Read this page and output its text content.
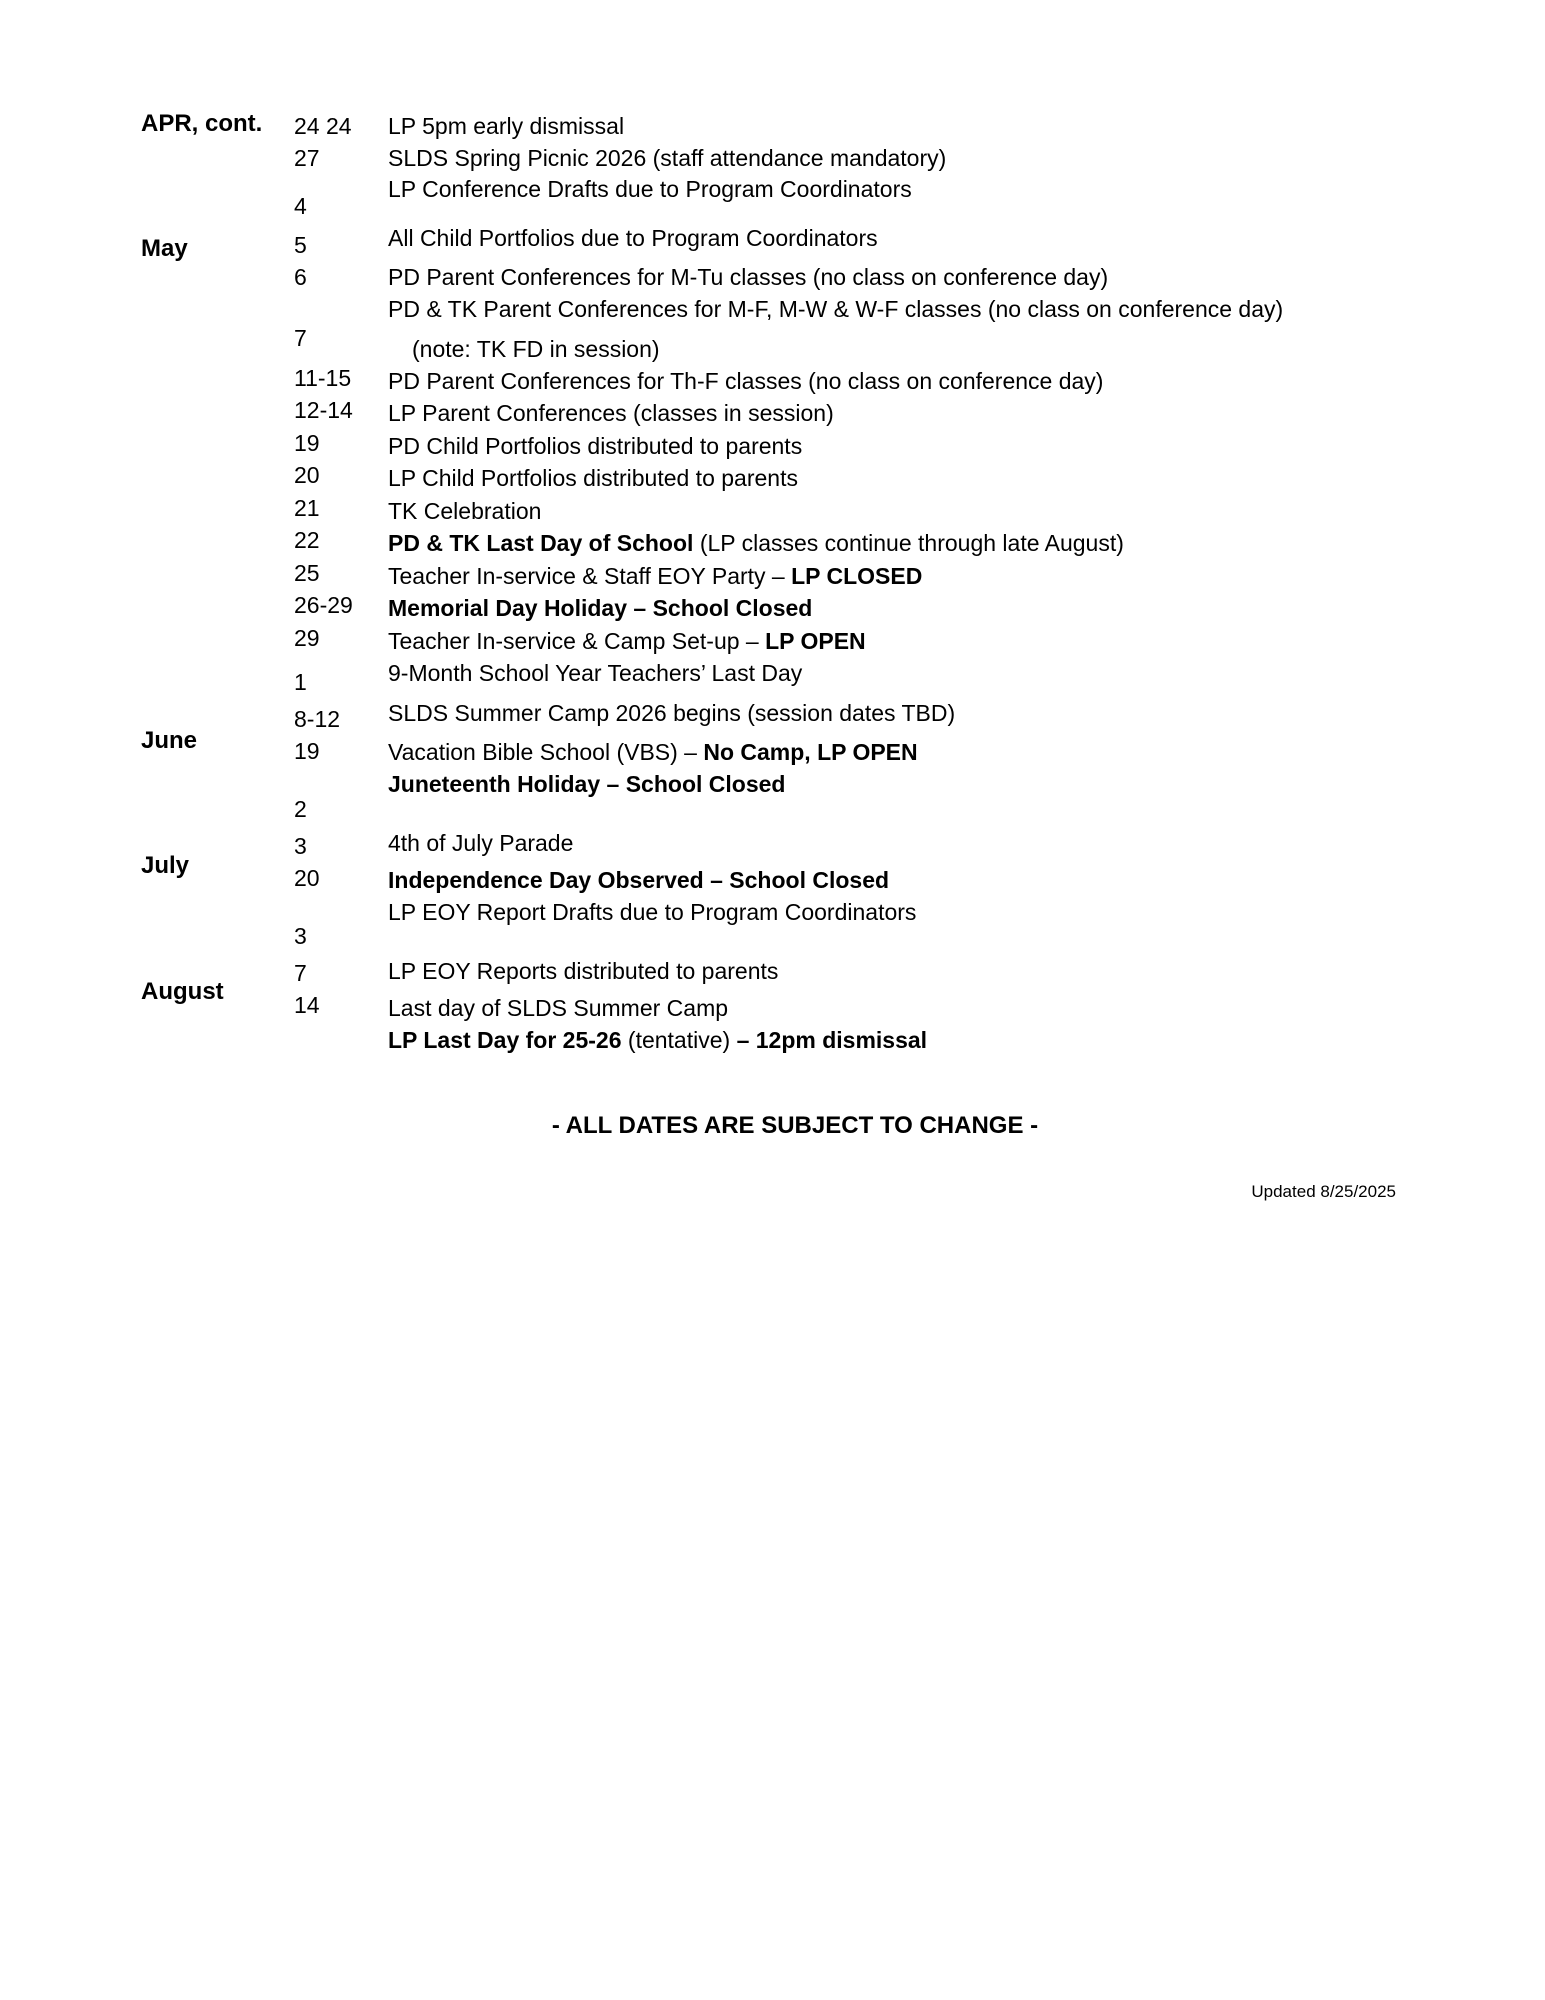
APR, cont.
May
June
July
August
24 24
27
4
5
6
7
11-15
12-14
19
20
21
22
25
26-29
29
1
8-12
19
2
3
20
3
7
14
LP 5pm early dismissal
SLDS Spring Picnic 2026 (staff attendance mandatory)
LP Conference Drafts due to Program Coordinators
All Child Portfolios due to Program Coordinators
PD Parent Conferences for M-Tu classes (no class on conference day)
PD & TK Parent Conferences for M-F, M-W & W-F classes (no class on conference day)
(note: TK FD in session)
PD Parent Conferences for Th-F classes (no class on conference day)
LP Parent Conferences (classes in session)
PD Child Portfolios distributed to parents
LP Child Portfolios distributed to parents
TK Celebration
PD & TK Last Day of School (LP classes continue through late August)
Teacher In-service & Staff EOY Party – LP CLOSED
Memorial Day Holiday – School Closed
Teacher In-service & Camp Set-up – LP OPEN
9-Month School Year Teachers’ Last Day
SLDS Summer Camp 2026 begins (session dates TBD)
Vacation Bible School (VBS) – No Camp, LP OPEN
Juneteenth Holiday – School Closed
4th of July Parade
Independence Day Observed – School Closed
LP EOY Report Drafts due to Program Coordinators
LP EOY Reports distributed to parents
Last day of SLDS Summer Camp
LP Last Day for 25-26 (tentative) – 12pm dismissal
- ALL DATES ARE SUBJECT TO CHANGE -
Updated 8/25/2025
